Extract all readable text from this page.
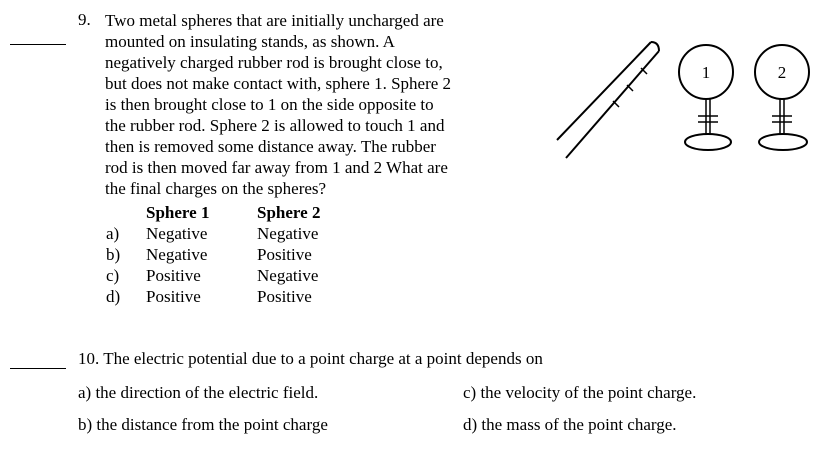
9. Two metal spheres that are initially uncharged are
mounted on insulating stands, as shown. A
negatively charged rubber rod is brought close to,
but does not make contact with, sphere 1. Sphere 2
is then brought close to 1 on the side opposite to
the rubber rod. Sphere 2 is allowed to touch 1 and
then is removed some distance away. The rubber
rod is then moved far away from 1 and 2 What are
the final charges on the spheres?
Sphere 1	Sphere 2
a) Negative	Negative
b) Negative	Positive
c) Positive	Negative
d) Positive	Positive
1	2
10. The electric potential due to a point charge at a point depends on
a) the direction of the electric field.
b) the distance from the point charge
c) the velocity of the point charge.
d) the mass of the point charge.
